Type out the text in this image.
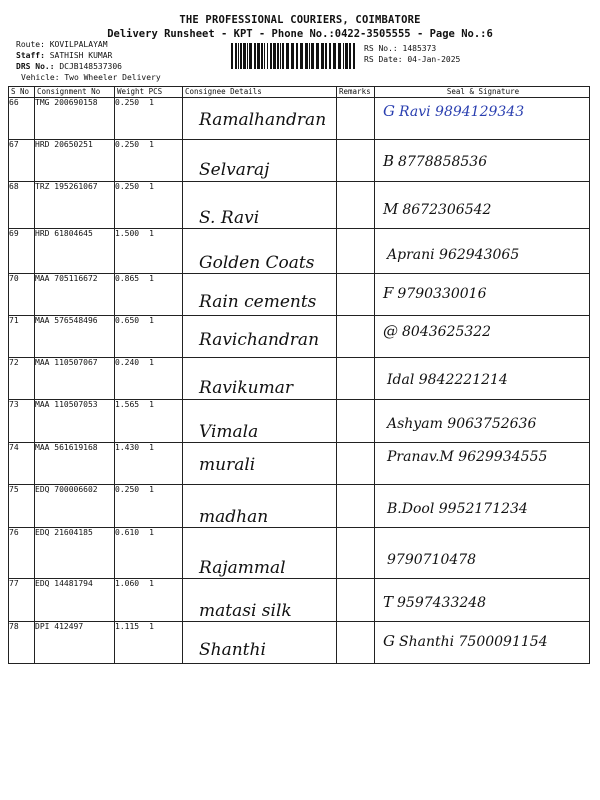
THE PROFESSIONAL COURIERS, COIMBATORE
Delivery Runsheet - KPT - Phone No.:0422-3505555 - Page No.:6
Route: KOVILPALAYAM
Staff: SATHISH KUMAR
DRS No.: DCJB148537306
Vehicle: Two Wheeler Delivery
RS No.: 1485373
RS Date: 04-Jan-2025
S No	Consignment No	Weight PCS	Consignee Details	Remarks	Seal & Signature
66	TMG 200690158	0.250 1	Ramalhandran		G Ravi 9894129343

67	HRD 20650251	0.250 1	Selvaraj		B 8778858536

68	TRZ 195261067	0.250 1	S. Ravi		M 8672306542

69	HRD 61804645	1.500 1	Golden Coats		Aprani 962943065

70	MAA 705116672	0.865 1	Rain cements		F 9790330016

71	MAA 576548496	0.650 1	Ravichandran		@ 8043625322

72	MAA 110507067	0.240 1	Ravikumar		Idal 9842221214

73	MAA 110507053	1.565 1	Vimala		Ashyam 9063752636

74	MAA 561619168	1.430 1	murali		Pranav.M 9629934555

75	EDQ 700006602	0.250 1	madhan		B.Dool 9952171234

76	EDQ 21604185	0.610 1	Rajammal		9790710478

77	EDQ 14481794	1.060 1	matasi silk		T 9597433248

78	DPI 412497	1.115 1	Shanthi		G Shanthi 7500091154
